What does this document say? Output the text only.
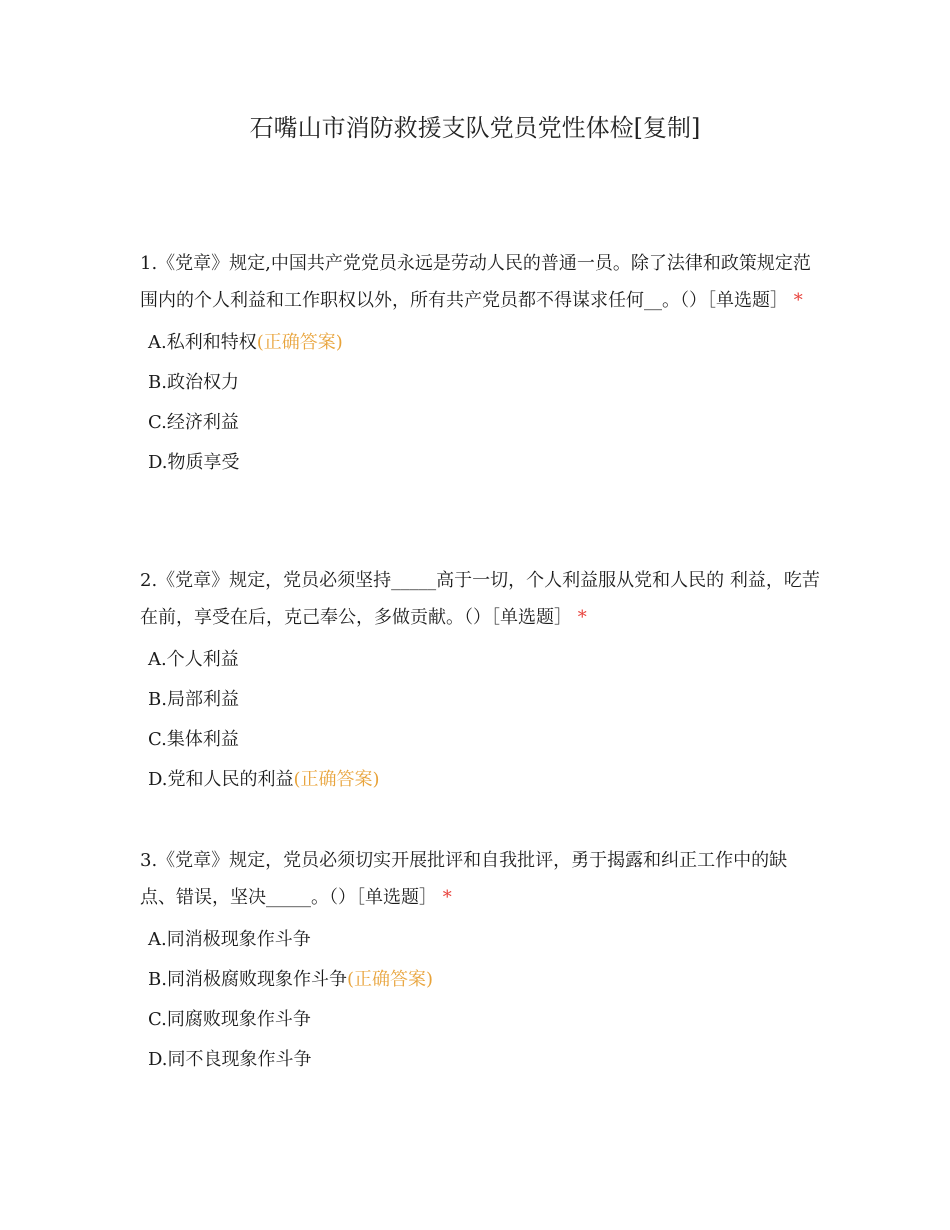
石嘴山市消防救援支队党员党性体检[复制]

1.《党章》规定,中国共产党党员永远是劳动人民的普通一员。除了法律和政策规定范围内的个人利益和工作职权以外，所有共产党员都不得谋求任何__。（）［单选题］ *

A.私利和特权(正确答案)
B.政治权力
C.经济利益
D.物质享受

2.《党章》规定，党员必须坚持_____高于一切，个人利益服从党和人民的 利益，吃苦在前，享受在后，克己奉公，多做贡献。（）［单选题］ *

A.个人利益
B.局部利益
C.集体利益
D.党和人民的利益(正确答案)

3.《党章》规定，党员必须切实开展批评和自我批评，勇于揭露和纠正工作中的缺点、错误，坚决_____。（）［单选题］ *

A.同消极现象作斗争
B.同消极腐败现象作斗争(正确答案)
C.同腐败现象作斗争
D.同不良现象作斗争
